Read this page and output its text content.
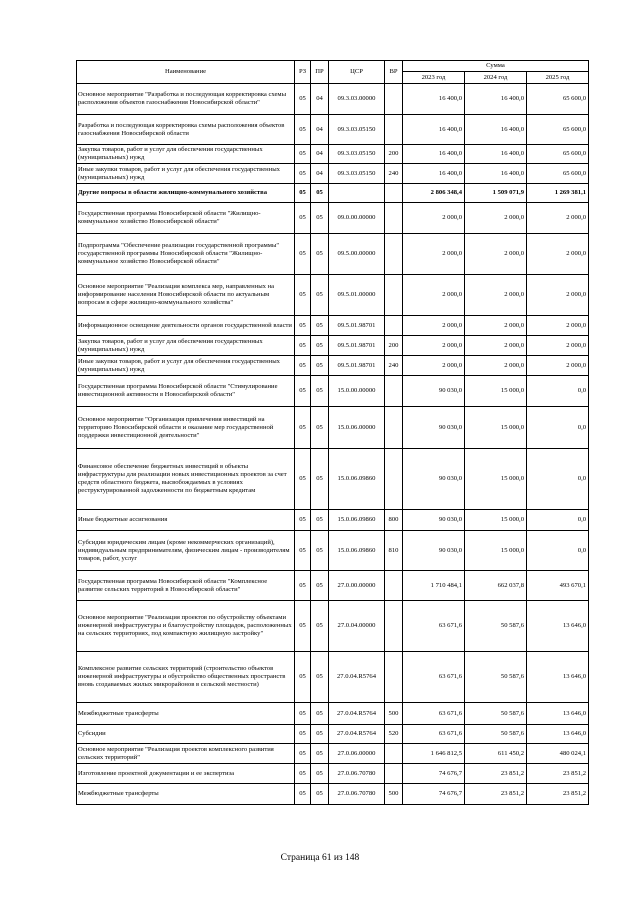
Наименование	РЗ	ПР	ЦСР	ВР	Сумма		
					2023 год	2024 год	2025 год
Основное мероприятие "Разработка и последующая корректировка схемы расположения объектов газоснабжения Новосибирской области"	05	04	09.3.03.00000		16 400,0	16 400,0	65 600,0
Разработка и последующая корректировка схемы расположения объектов газоснабжения Новосибирской области	05	04	09.3.03.05150		16 400,0	16 400,0	65 600,0
Закупка товаров, работ и услуг для обеспечения государственных (муниципальных) нужд	05	04	09.3.03.05150	200	16 400,0	16 400,0	65 600,0
Иные закупки товаров, работ и услуг для обеспечения государственных (муниципальных) нужд	05	04	09.3.03.05150	240	16 400,0	16 400,0	65 600,0
Другие вопросы в области жилищно-коммунального хозяйства	05	05			2 806 348,4	1 509 071,9	1 269 381,1
Государственная программа Новосибирской области "Жилищно-коммунальное хозяйство Новосибирской области"	05	05	09.0.00.00000		2 000,0	2 000,0	2 000,0
Подпрограмма "Обеспечение реализации государственной программы" государственной программы Новосибирской области "Жилищно-коммунальное хозяйство Новосибирской области"	05	05	09.5.00.00000		2 000,0	2 000,0	2 000,0
Основное мероприятие "Реализация комплекса мер, направленных на информирование населения Новосибирской области по актуальным вопросам в сфере жилищно-коммунального хозяйства"	05	05	09.5.01.00000		2 000,0	2 000,0	2 000,0
Информационное освещение деятельности органов государственной власти	05	05	09.5.01.98701		2 000,0	2 000,0	2 000,0
Закупка товаров, работ и услуг для обеспечения государственных (муниципальных) нужд	05	05	09.5.01.98701	200	2 000,0	2 000,0	2 000,0
Иные закупки товаров, работ и услуг для обеспечения государственных (муниципальных) нужд	05	05	09.5.01.98701	240	2 000,0	2 000,0	2 000,0
Государственная программа Новосибирской области "Стимулирование инвестиционной активности в Новосибирской области"	05	05	15.0.00.00000		90 030,0	15 000,0	0,0
Основное мероприятие "Организация привлечения инвестиций на территорию Новосибирской области и оказание мер государственной поддержки инвестиционной деятельности"	05	05	15.0.06.00000		90 030,0	15 000,0	0,0
Финансовое обеспечение бюджетных инвестиций в объекты инфраструктуры для реализации новых инвестиционных проектов за счет средств областного бюджета, высвобождаемых в условиях реструктурированной задолженности по бюджетным кредитам	05	05	15.0.06.09860		90 030,0	15 000,0	0,0
Иные бюджетные ассигнования	05	05	15.0.06.09860	800	90 030,0	15 000,0	0,0
Субсидии юридическим лицам (кроме некоммерческих организаций), индивидуальным предпринимателям, физическим лицам - производителям товаров, работ, услуг	05	05	15.0.06.09860	810	90 030,0	15 000,0	0,0
Государственная программа Новосибирской области "Комплексное развитие сельских территорий в Новосибирской области"	05	05	27.0.00.00000		1 710 484,1	662 037,8	493 670,1
Основное мероприятие "Реализация проектов по обустройству объектами инженерной инфраструктуры и благоустройству площадок, расположенных на сельских территориях, под компактную жилищную застройку"	05	05	27.0.04.00000		63 671,6	50 587,6	13 646,0
Комплексное развитие сельских территорий (строительство объектов инженерной инфраструктуры и обустройство общественных пространств вновь создаваемых жилых микрорайонов в сельской местности)	05	05	27.0.04.R5764		63 671,6	50 587,6	13 646,0
Межбюджетные трансферты	05	05	27.0.04.R5764	500	63 671,6	50 587,6	13 646,0
Субсидии	05	05	27.0.04.R5764	520	63 671,6	50 587,6	13 646,0
Основное мероприятие "Реализация проектов комплексного развития сельских территорий"	05	05	27.0.06.00000		1 646 812,5	611 450,2	480 024,1
Изготовление проектной документации и ее экспертиза	05	05	27.0.06.70780		74 676,7	23 851,2	23 851,2
Межбюджетные трансферты	05	05	27.0.06.70780	500	74 676,7	23 851,2	23 851,2
Страница 61 из 148
